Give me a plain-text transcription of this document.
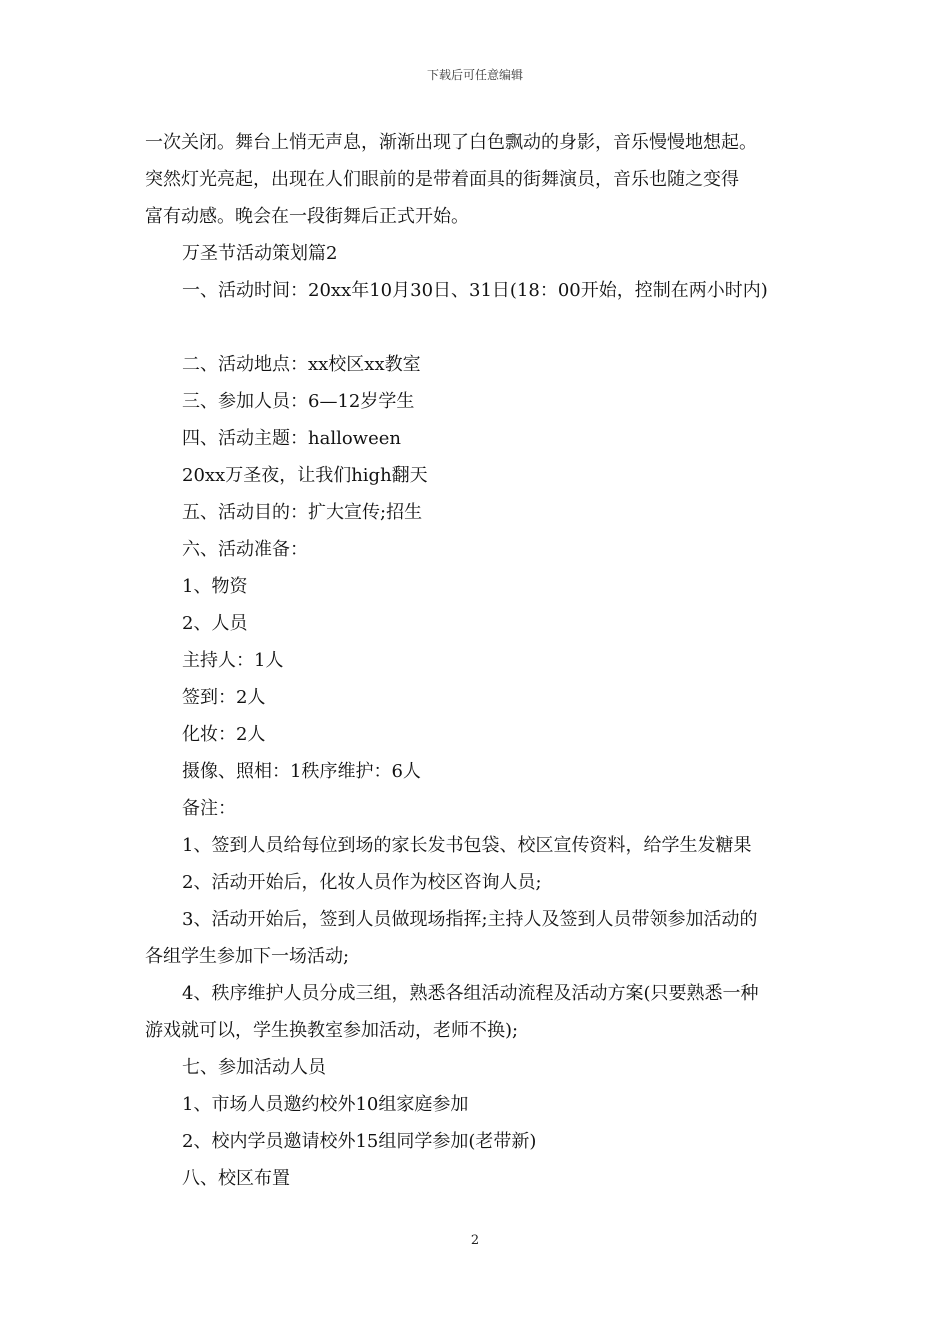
下载后可任意编辑

一次关闭。舞台上悄无声息，渐渐出现了白色飘动的身影，音乐慢慢地想起。

突然灯光亮起，出现在人们眼前的是带着面具的街舞演员，音乐也随之变得

富有动感。晚会在一段街舞后正式开始。

万圣节活动策划篇2

一、活动时间：20xx年10月30日、31日(18：00开始，控制在两小时内)

二、活动地点：xx校区xx教室

三、参加人员：6—12岁学生

四、活动主题：halloween

20xx万圣夜，让我们high翻天

五、活动目的：扩大宣传;招生

六、活动准备：

1、物资

2、人员

主持人：1人

签到：2人

化妆：2人

摄像、照相：1秩序维护：6人

备注：

1、签到人员给每位到场的家长发书包袋、校区宣传资料，给学生发糖果

2、活动开始后，化妆人员作为校区咨询人员;

3、活动开始后，签到人员做现场指挥;主持人及签到人员带领参加活动的

各组学生参加下一场活动;

4、秩序维护人员分成三组，熟悉各组活动流程及活动方案(只要熟悉一种

游戏就可以，学生换教室参加活动，老师不换);

七、参加活动人员

1、市场人员邀约校外10组家庭参加

2、校内学员邀请校外15组同学参加(老带新)

八、校区布置

2
